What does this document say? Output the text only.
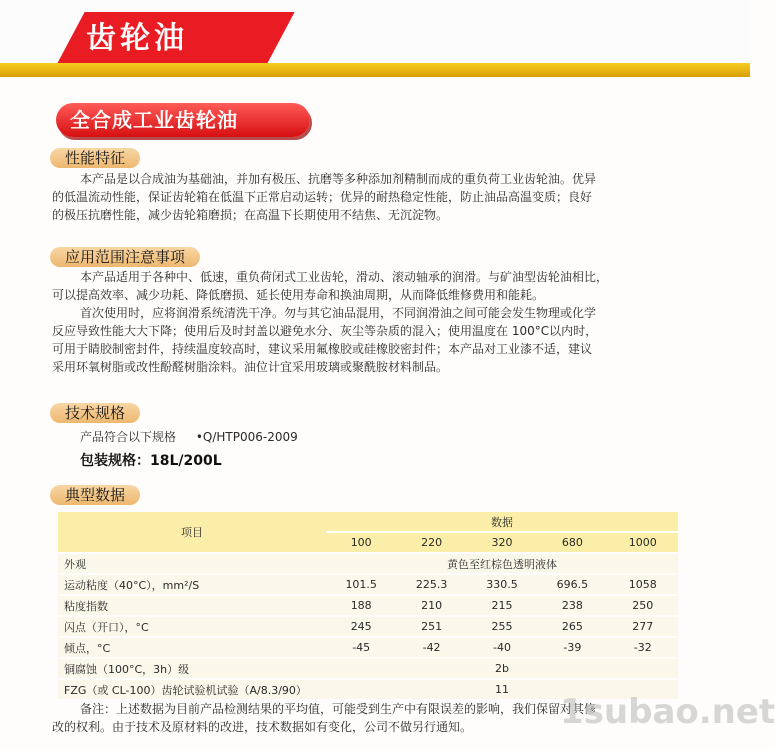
齿轮油
全合成工业齿轮油
性能特征

本产品是以合成油为基础油，并加有极压、抗磨等多种添加剂精制而成的重负荷工业齿轮油。优异

的低温流动性能，保证齿轮箱在低温下正常启动运转；优异的耐热稳定性能，防止油品高温变质；良好

的极压抗磨性能，减少齿轮箱磨损；在高温下长期使用不结焦、无沉淀物。

应用范围注意事项

本产品适用于各种中、低速，重负荷闭式工业齿轮，滑动、滚动轴承的润滑。与矿油型齿轮油相比，

可以提高效率、减少功耗、降低磨损、延长使用寿命和换油周期，从而降低维修费用和能耗。

首次使用时，应将润滑系统清洗干净。勿与其它油品混用，不同润滑油之间可能会发生物理或化学

反应导致性能大大下降；使用后及时封盖以避免水分、灰尘等杂质的混入；使用温度在 100°C以内时，

可用于睛胶制密封件，持续温度较高时，建议采用氟橡胶或硅橡胶密封件；本产品对工业漆不适，建议

采用环氧树脂或改性酚醛树脂涂料。油位计宜采用玻璃或聚酰胺材料制品。

技术规格
产品符合以下规格 •Q/HTP006-2009
包装规格：18L/200L
典型数据
项目	数据				
	100	220	320	680	1000
外观	黄色至红棕色透明液体				
运动粘度（40°C），mm²/S	101.5	225.3	330.5	696.5	1058
粘度指数	188	210	215	238	250
闪点（开口），°C	245	251	255	265	277
倾点，°C	-45	-42	-40	-39	-32
铜腐蚀（100°C，3h）级	2b				
FZG（或 CL-100）齿轮试验机试验（A/8.3/90）	11				

备注：上述数据为目前产品检测结果的平均值，可能受到生产中有限误差的影响，我们保留对其修

改的权利。由于技术及原材料的改进，技术数据如有变化，公司不做另行通知。	1subao.net
